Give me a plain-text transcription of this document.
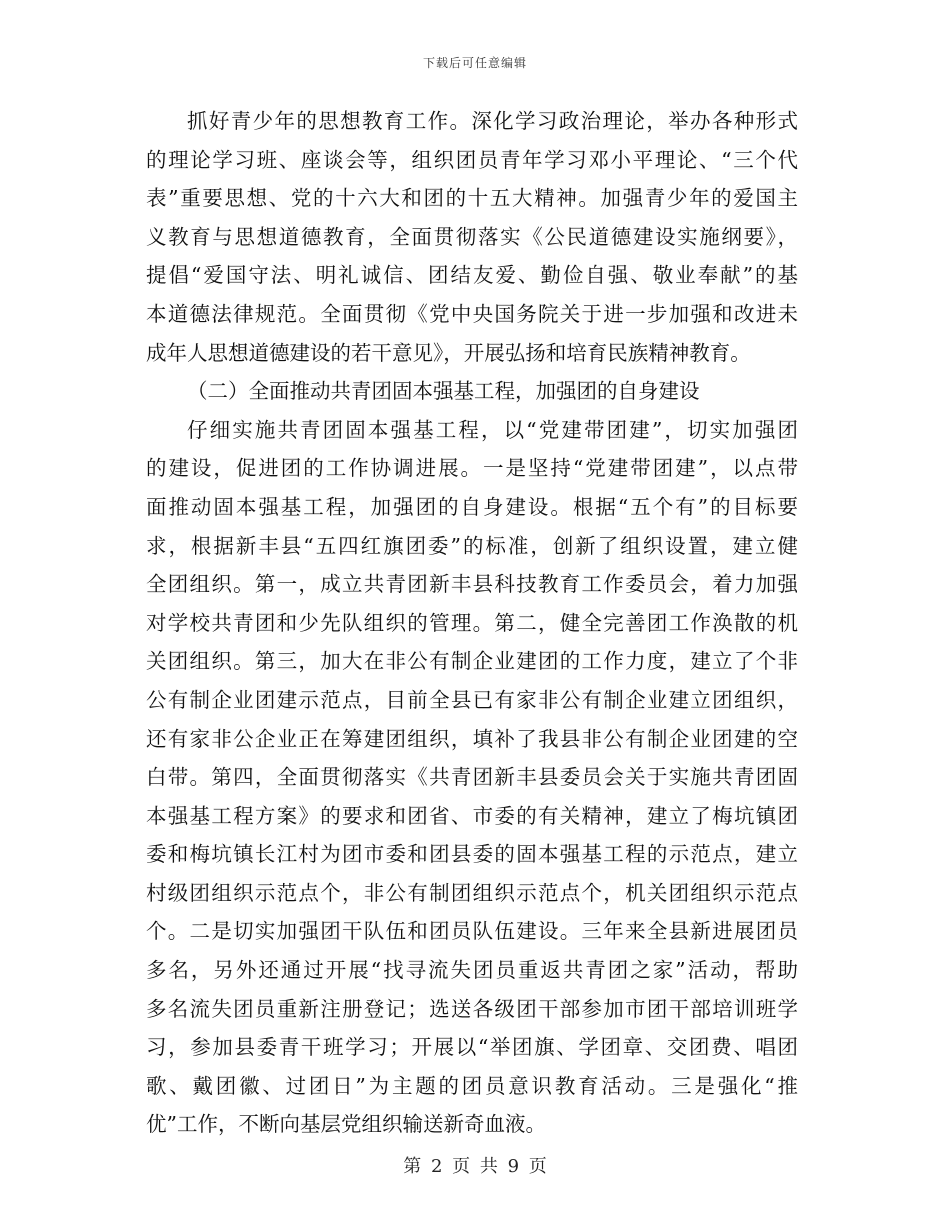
下载后可任意编辑
抓好青少年的思想教育工作。深化学习政治理论，举办各种形式
的理论学习班、座谈会等，组织团员青年学习邓小平理论、“三个代
表”重要思想、党的十六大和团的十五大精神。加强青少年的爱国主
义教育与思想道德教育，全面贯彻落实《公民道德建设实施纲要》，
提倡“爱国守法、明礼诚信、团结友爱、勤俭自强、敬业奉献”的基
本道德法律规范。全面贯彻《党中央国务院关于进一步加强和改进未
成年人思想道德建设的若干意见》，开展弘扬和培育民族精神教育。
（二）全面推动共青团固本强基工程，加强团的自身建设
仔细实施共青团固本强基工程，以“党建带团建”，切实加强团
的建设，促进团的工作协调进展。一是坚持“党建带团建”，以点带
面推动固本强基工程，加强团的自身建设。根据“五个有”的目标要
求，根据新丰县“五四红旗团委”的标准，创新了组织设置，建立健
全团组织。第一，成立共青团新丰县科技教育工作委员会，着力加强
对学校共青团和少先队组织的管理。第二，健全完善团工作涣散的机
关团组织。第三，加大在非公有制企业建团的工作力度，建立了个非
公有制企业团建示范点，目前全县已有家非公有制企业建立团组织，
还有家非公企业正在筹建团组织，填补了我县非公有制企业团建的空
白带。第四，全面贯彻落实《共青团新丰县委员会关于实施共青团固
本强基工程方案》的要求和团省、市委的有关精神，建立了梅坑镇团
委和梅坑镇长江村为团市委和团县委的固本强基工程的示范点，建立
村级团组织示范点个，非公有制团组织示范点个，机关团组织示范点
个。二是切实加强团干队伍和团员队伍建设。三年来全县新进展团员
多名，另外还通过开展“找寻流失团员重返共青团之家”活动，帮助
多名流失团员重新注册登记；选送各级团干部参加市团干部培训班学
习，参加县委青干班学习；开展以“举团旗、学团章、交团费、唱团
歌、戴团徽、过团日”为主题的团员意识教育活动。三是强化“推
优”工作，不断向基层党组织输送新奇血液。
第 2 页 共 9 页
